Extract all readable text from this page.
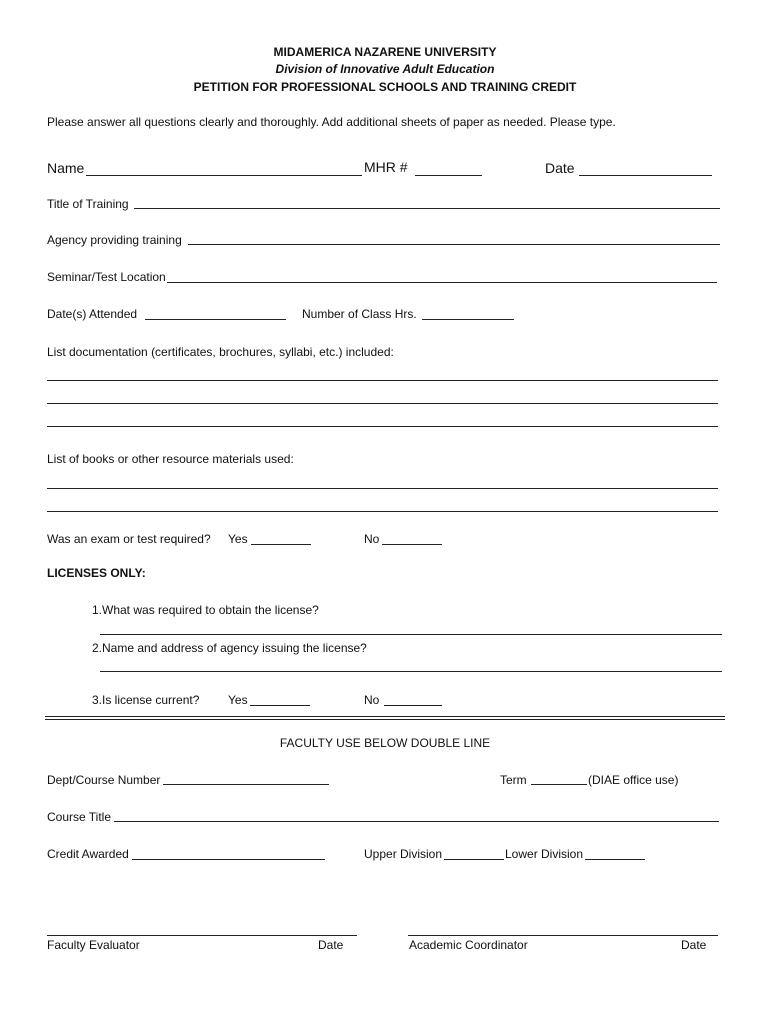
MIDAMERICA NAZARENE UNIVERSITY
Division of Innovative Adult Education
PETITION FOR PROFESSIONAL SCHOOLS AND TRAINING CREDIT
Please answer all questions clearly and thoroughly. Add additional sheets of paper as needed. Please type.
Name	MHR #	Date
Title of Training
Agency providing training
Seminar/Test Location
Date(s) Attended	Number of Class Hrs.
List documentation (certificates, brochures, syllabi, etc.) included:
List of books or other resource materials used:
Was an exam or test required? Yes	No
LICENSES ONLY:
1.What was required to obtain the license?
2.Name and address of agency issuing the license?
3.Is license current? Yes	No
FACULTY USE BELOW DOUBLE LINE
Dept/Course Number	Term	(DIAE office use)
Course Title
Credit Awarded	Upper Division	Lower Division
Faculty Evaluator	Date	Academic Coordinator	Date
